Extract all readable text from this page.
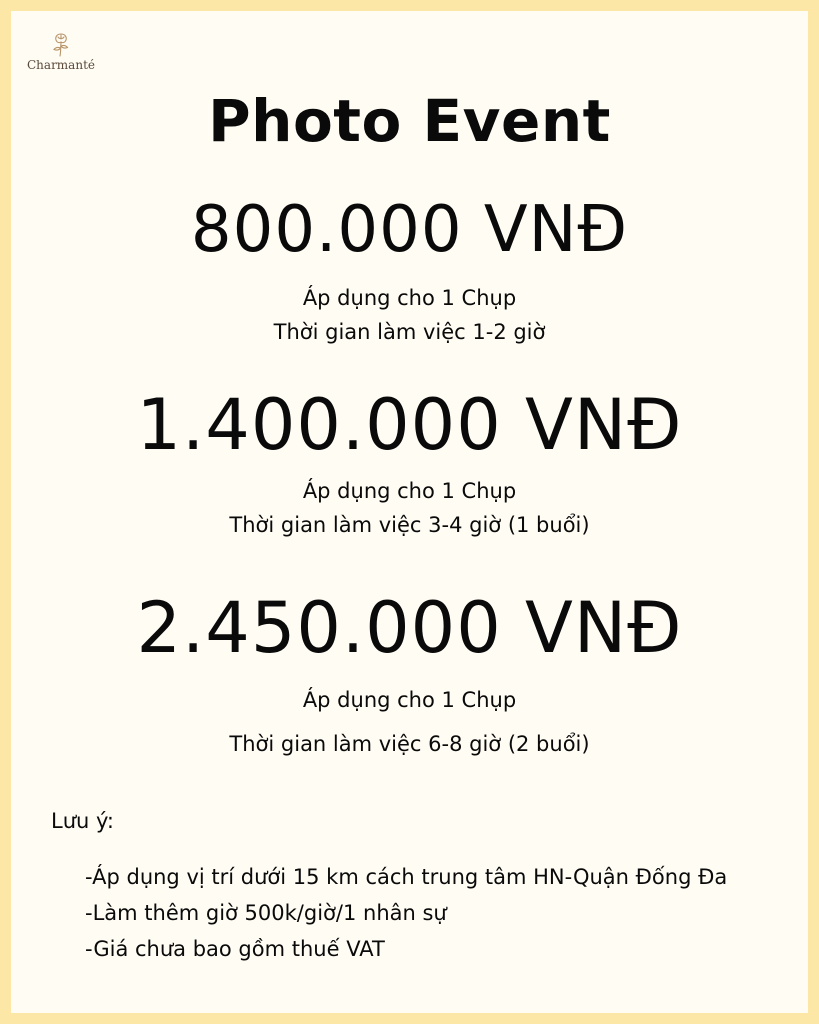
Charmanté
Photo Event
800.000 VNĐ
Áp dụng cho 1 Chụp
Thời gian làm việc 1-2 giờ
1.400.000 VNĐ
Áp dụng cho 1 Chụp
Thời gian làm việc 3-4 giờ (1 buổi)
2.450.000 VNĐ
Áp dụng cho 1 Chụp
Thời gian làm việc 6-8 giờ (2 buổi)
Lưu ý:
-Áp dụng vị trí dưới 15 km cách trung tâm HN-Quận Đống Đa
-Làm thêm giờ 500k/giờ/1 nhân sự
-Giá chưa bao gồm thuế VAT
